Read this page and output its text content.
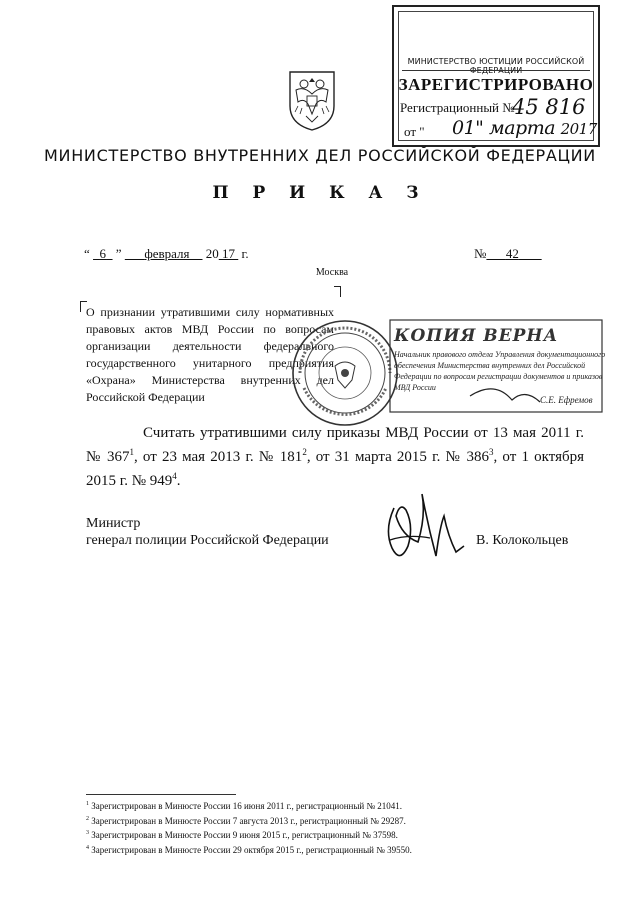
МИНИСТЕРСТВО ЮСТИЦИИ РОССИЙСКОЙ ФЕДЕРАЦИИ
ЗАРЕГИСТРИРОВАНО
Регистрационный №
45 816
от " 01" марта 2017
МИНИСТЕРСТВО ВНУТРЕННИХ ДЕЛ РОССИЙСКОЙ ФЕДЕРАЦИИ
П Р И К А З
“   6   ”       февраля 20 17 г.	№ 42
Москва
О признании утратившими силу нормативных правовых актов МВД России по вопросам организации деятельности федерального государственного унитарного предприятия «Охрана» Министерства внутренних дел Российской Федерации
КОПИЯ ВЕРНА
Начальник правового отдела Управления документационного обеспечения Министерства внутренних дел Российской Федерации по вопросам регистрации документов и приказов МВД России
С.Е. Ефремов
Считать утратившими силу приказы МВД России от 13 мая 2011 г. № $367^1$, от 23 мая 2013 г. № $181^2$, от 31 марта 2015 г. № $386^3$, от 1 октября 2015 г. № $949^4$.
Министр
генерал полиции Российской Федерации	В. Колокольцев
$^1$ Зарегистрирован в Минюсте России 16 июня 2011 г., регистрационный № 21041.
$^2$ Зарегистрирован в Минюсте России 7 августа 2013 г., регистрационный № 29287.
$^3$ Зарегистрирован в Минюсте России 9 июня 2015 г., регистрационный № 37598.
$^4$ Зарегистрирован в Минюсте России 29 октября 2015 г., регистрационный № 39550.
